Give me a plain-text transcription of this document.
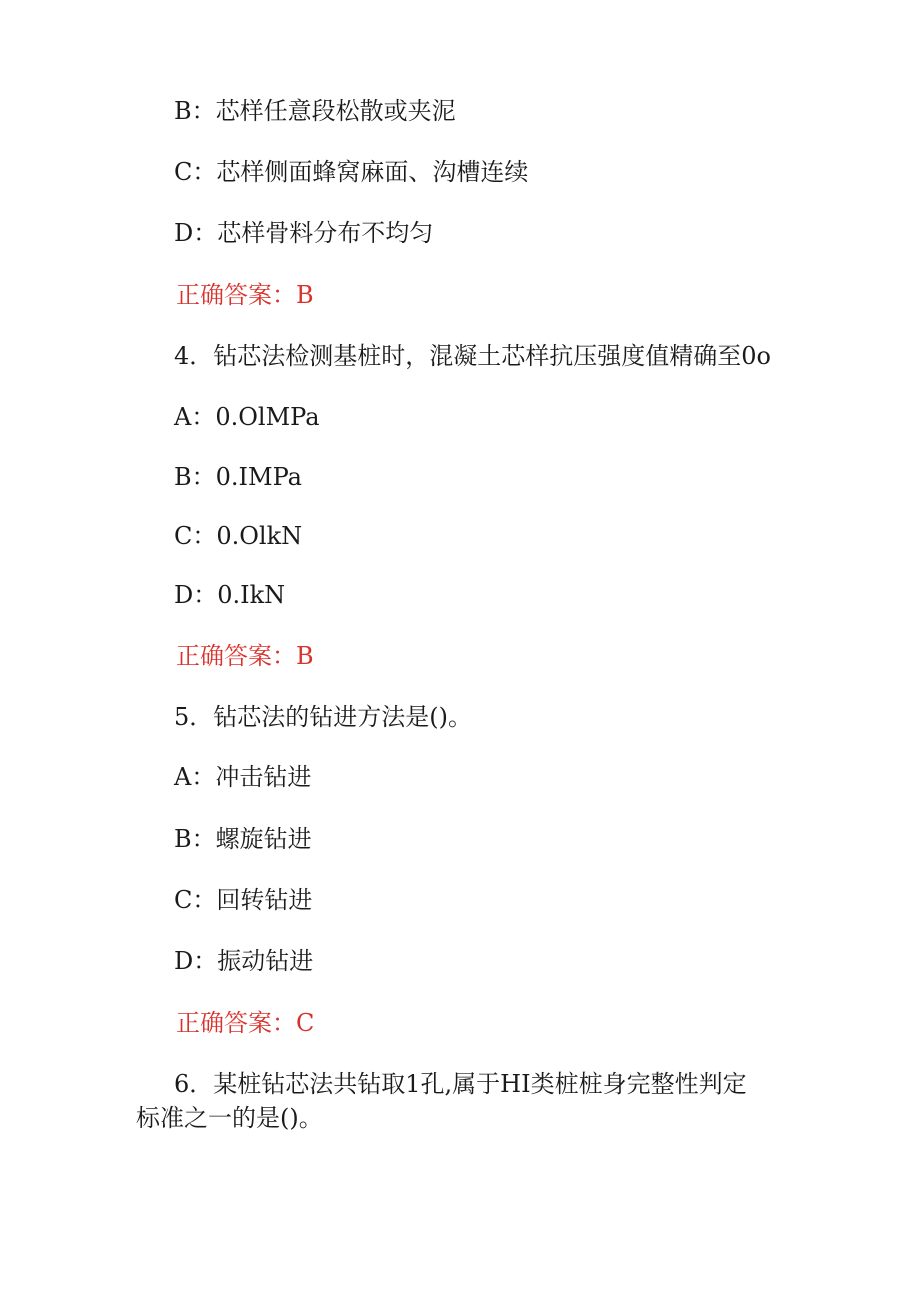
B：芯样任意段松散或夹泥
C：芯样侧面蜂窝麻面、沟槽连续
D：芯样骨料分布不均匀
正确答案：B
4．钻芯法检测基桩时，混凝土芯样抗压强度值精确至0o
A：0.OlMPa
B：0.IMPa
C：0.OlkN
D：0.IkN
正确答案：B
5．钻芯法的钻进方法是()。
A：冲击钻进
B：螺旋钻进
C：回转钻进
D：振动钻进
正确答案：C
6．某桩钻芯法共钻取1孔,属于HI类桩桩身完整性判定
标准之一的是()。
